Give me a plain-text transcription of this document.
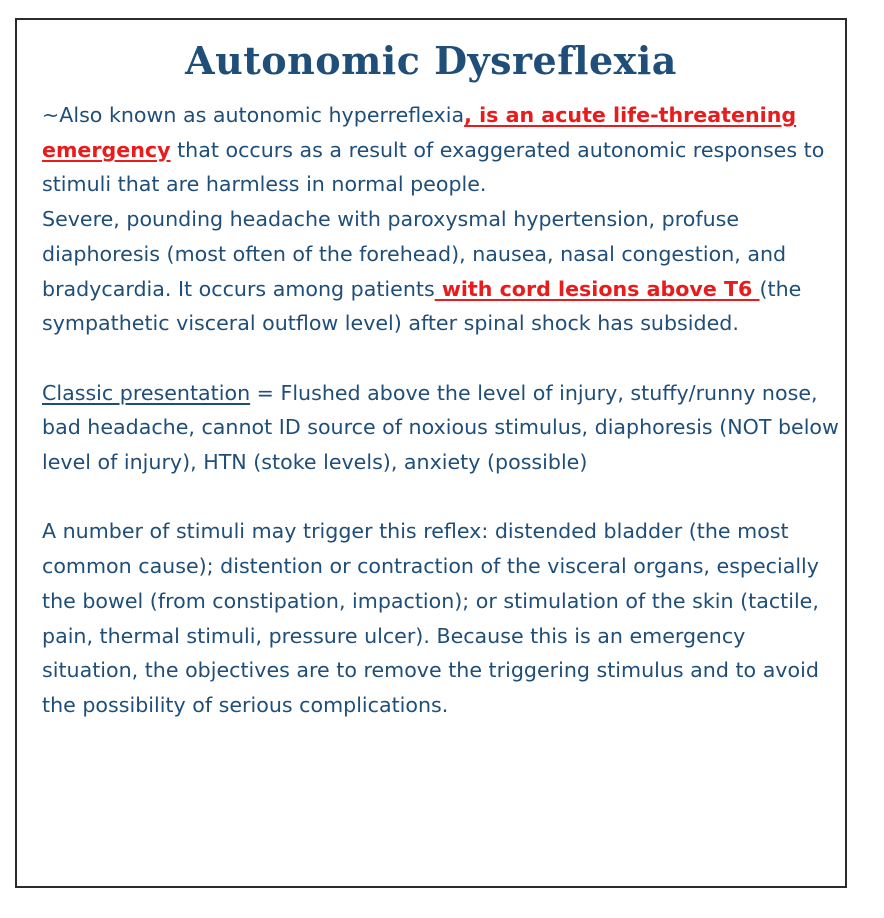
Autonomic Dysreflexia

~Also known as autonomic hyperreflexia, is an acute life-threatening emergency that occurs as a result of exaggerated autonomic responses to stimuli that are harmless in normal people.

Severe, pounding headache with paroxysmal hypertension, profuse diaphoresis (most often of the forehead), nausea, nasal congestion, and bradycardia. It occurs among patients with cord lesions above T6 (the sympathetic visceral outflow level) after spinal shock has subsided.

Classic presentation = Flushed above the level of injury, stuffy/runny nose, bad headache, cannot ID source of noxious stimulus, diaphoresis (NOT below level of injury), HTN (stoke levels), anxiety (possible)

A number of stimuli may trigger this reflex: distended bladder (the most common cause); distention or contraction of the visceral organs, especially the bowel (from constipation, impaction); or stimulation of the skin (tactile, pain, thermal stimuli, pressure ulcer). Because this is an emergency situation, the objectives are to remove the triggering stimulus and to avoid the possibility of serious complications.
